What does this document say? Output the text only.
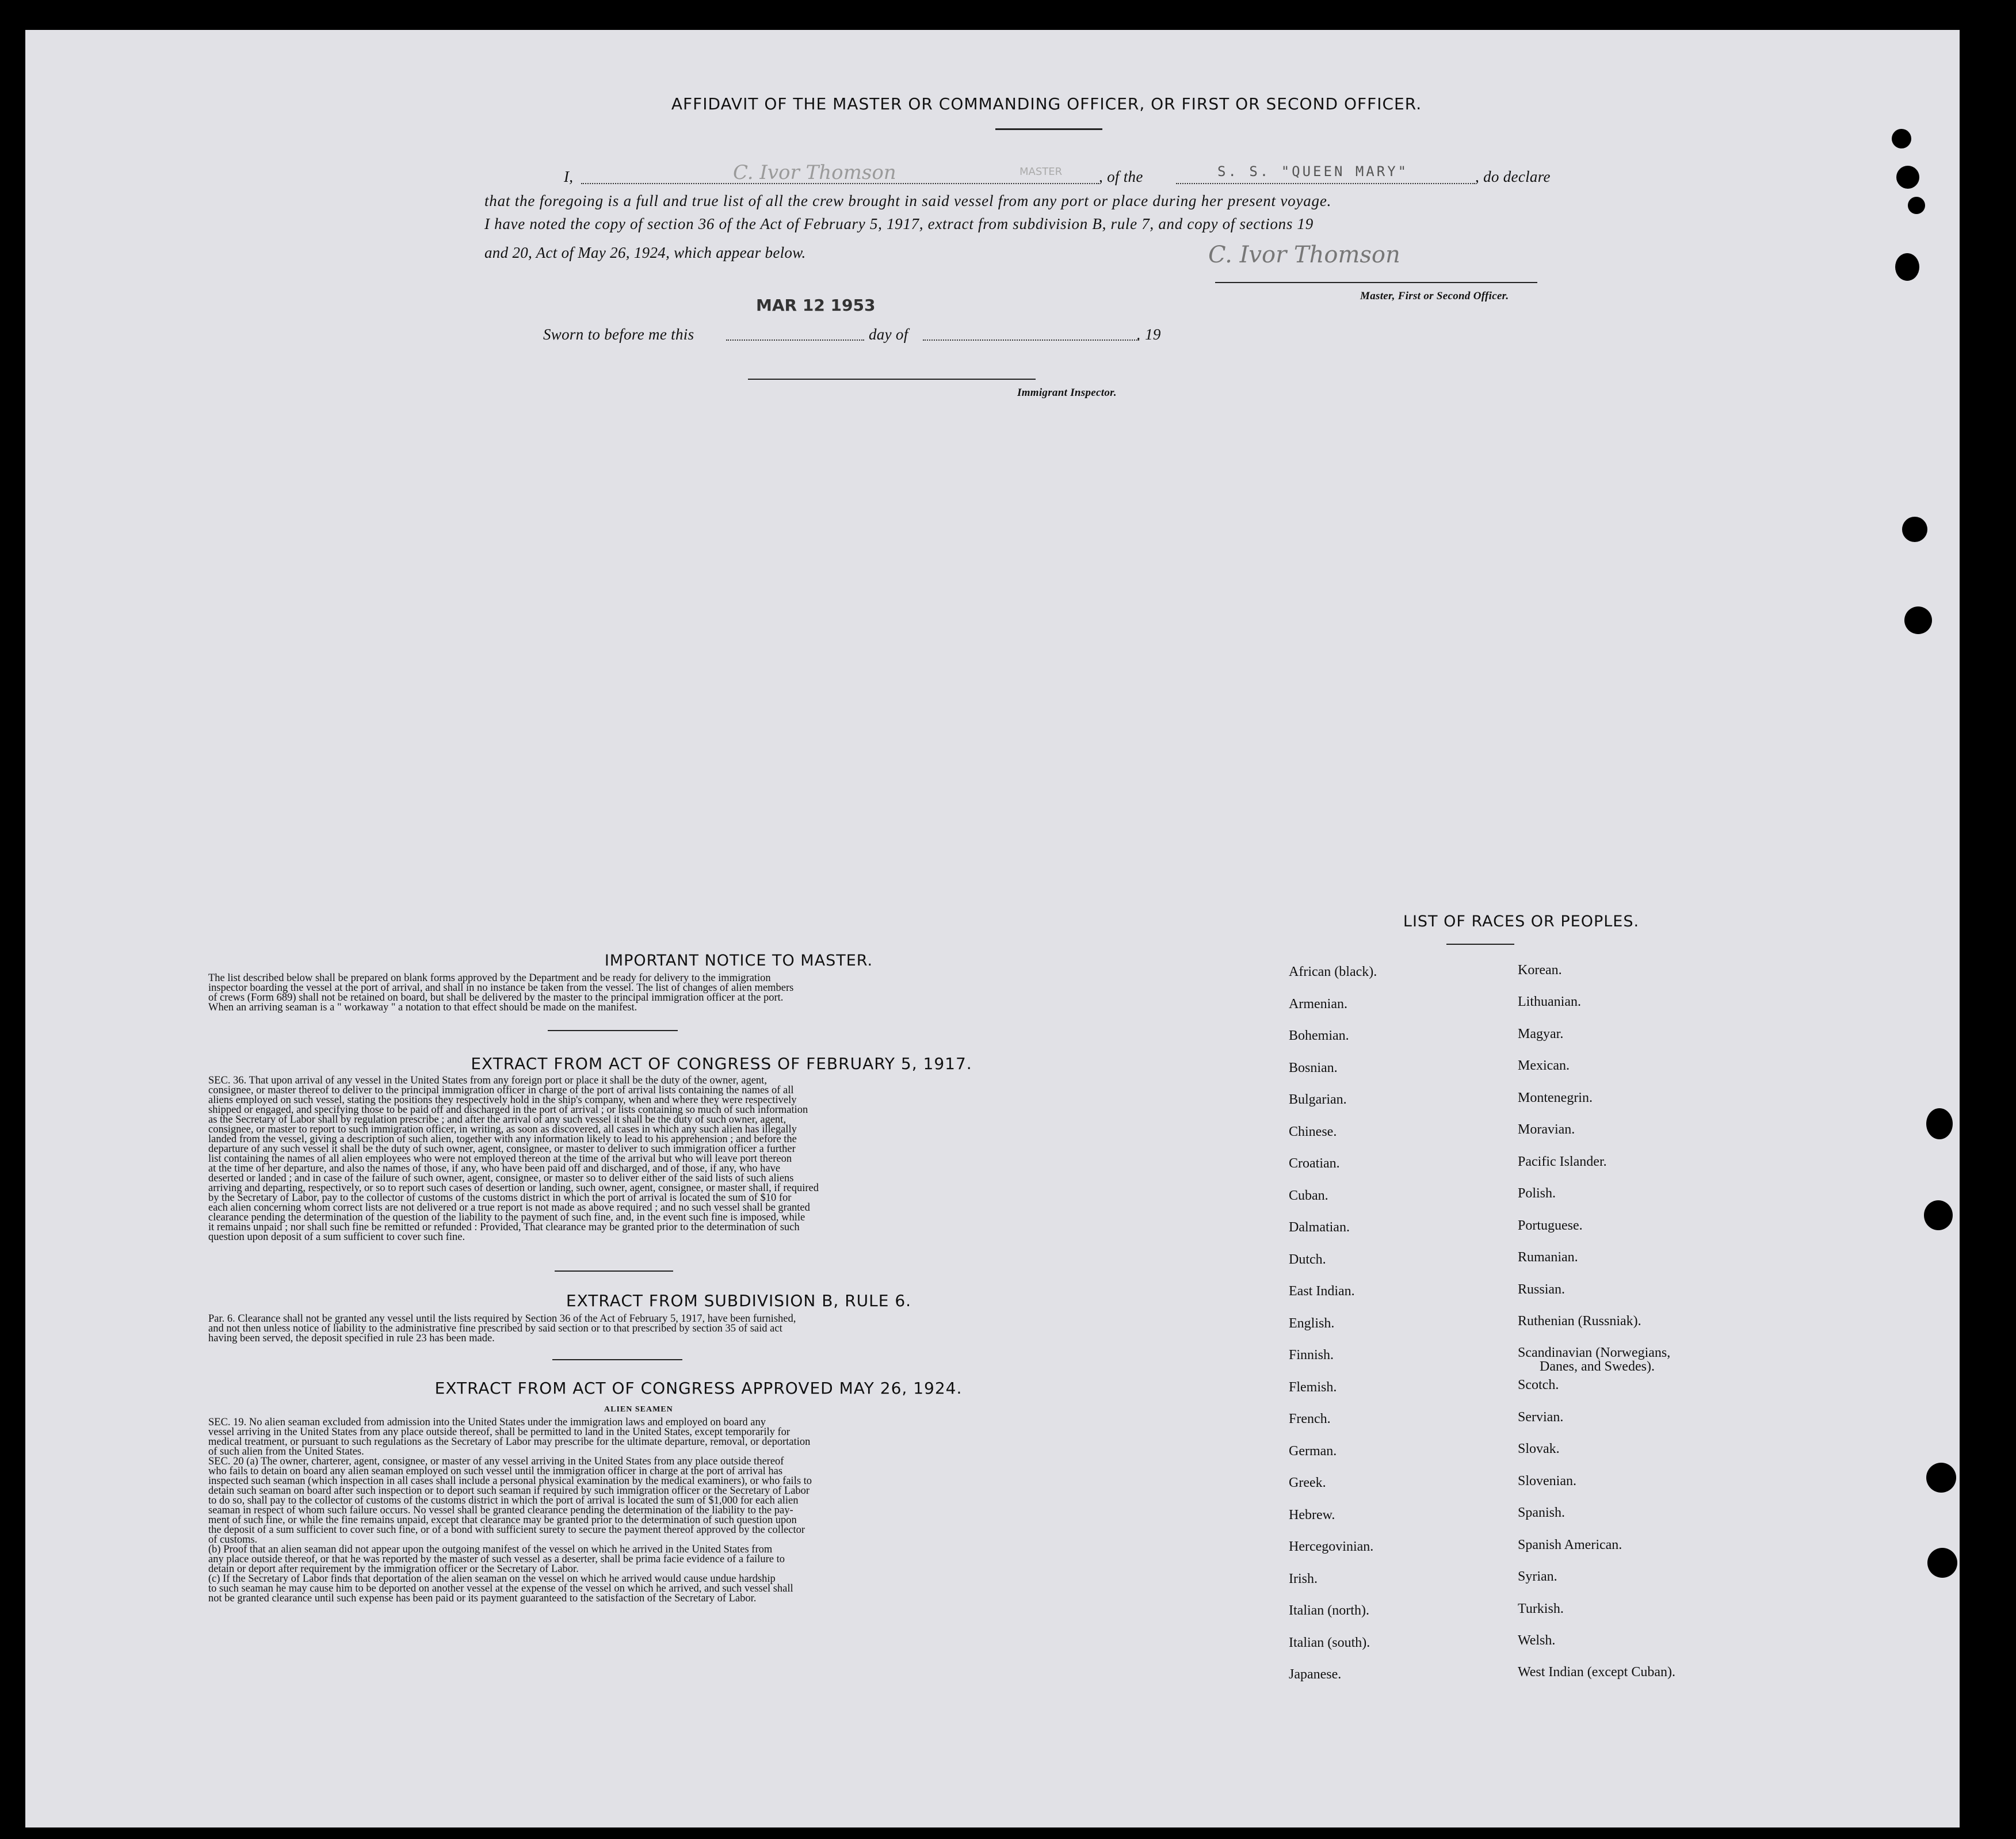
AFFIDAVIT OF THE MASTER OR COMMANDING OFFICER, OR FIRST OR SECOND OFFICER.
I,	C. Ivor Thomson	MASTER , of the	S. S. "QUEEN MARY"	, do declare
that the foregoing is a full and true list of all the crew brought in said vessel from any port or place during her present voyage.
I have noted the copy of section 36 of the Act of February 5, 1917, extract from subdivision B, rule 7, and copy of sections 19
and 20, Act of May 26, 1924, which appear below.	C. Ivor Thomson
Master, First or Second Officer.
MAR 12 1953
Sworn to before me this	day of	. 19
Immigrant Inspector.
IMPORTANT NOTICE TO MASTER.
The list described below shall be prepared on blank forms approved by the Department and be ready for delivery to the immigration
inspector boarding the vessel at the port of arrival, and shall in no instance be taken from the vessel. The list of changes of alien members
of crews (Form 689) shall not be retained on board, but shall be delivered by the master to the principal immigration officer at the port.
When an arriving seaman is a " workaway " a notation to that effect should be made on the manifest.
EXTRACT FROM ACT OF CONGRESS OF FEBRUARY 5, 1917.
SEC. 36. That upon arrival of any vessel in the United States from any foreign port or place it shall be the duty of the owner, agent,
consignee, or master thereof to deliver to the principal immigration officer in charge of the port of arrival lists containing the names of all
aliens employed on such vessel, stating the positions they respectively hold in the ship's company, when and where they were respectively
shipped or engaged, and specifying those to be paid off and discharged in the port of arrival ; or lists containing so much of such information
as the Secretary of Labor shall by regulation prescribe ; and after the arrival of any such vessel it shall be the duty of such owner, agent,
consignee, or master to report to such immigration officer, in writing, as soon as discovered, all cases in which any such alien has illegally
landed from the vessel, giving a description of such alien, together with any information likely to lead to his apprehension ; and before the
departure of any such vessel it shall be the duty of such owner, agent, consignee, or master to deliver to such immigration officer a further
list containing the names of all alien employees who were not employed thereon at the time of the arrival but who will leave port thereon
at the time of her departure, and also the names of those, if any, who have been paid off and discharged, and of those, if any, who have
deserted or landed ; and in case of the failure of such owner, agent, consignee, or master so to deliver either of the said lists of such aliens
arriving and departing, respectively, or so to report such cases of desertion or landing, such owner, agent, consignee, or master shall, if required
by the Secretary of Labor, pay to the collector of customs of the customs district in which the port of arrival is located the sum of $10 for
each alien concerning whom correct lists are not delivered or a true report is not made as above required ; and no such vessel shall be granted
clearance pending the determination of the question of the liability to the payment of such fine, and, in the event such fine is imposed, while
it remains unpaid ; nor shall such fine be remitted or refunded : Provided, That clearance may be granted prior to the determination of such
question upon deposit of a sum sufficient to cover such fine.
EXTRACT FROM SUBDIVISION B, RULE 6.
Par. 6. Clearance shall not be granted any vessel until the lists required by Section 36 of the Act of February 5, 1917, have been furnished,
and not then unless notice of liability to the administrative fine prescribed by said section or to that prescribed by section 35 of said act
having been served, the deposit specified in rule 23 has been made.
EXTRACT FROM ACT OF CONGRESS APPROVED MAY 26, 1924.
ALIEN SEAMEN
SEC. 19. No alien seaman excluded from admission into the United States under the immigration laws and employed on board any
vessel arriving in the United States from any place outside thereof, shall be permitted to land in the United States, except temporarily for
medical treatment, or pursuant to such regulations as the Secretary of Labor may prescribe for the ultimate departure, removal, or deportation
of such alien from the United States.
SEC. 20 (a) The owner, charterer, agent, consignee, or master of any vessel arriving in the United States from any place outside thereof
who fails to detain on board any alien seaman employed on such vessel until the immigration officer in charge at the port of arrival has
inspected such seaman (which inspection in all cases shall include a personal physical examination by the medical examiners), or who fails to
detain such seaman on board after such inspection or to deport such seaman if required by such immigration officer or the Secretary of Labor
to do so, shall pay to the collector of customs of the customs district in which the port of arrival is located the sum of $1,000 for each alien
seaman in respect of whom such failure occurs. No vessel shall be granted clearance pending the determination of the liability to the pay-
ment of such fine, or while the fine remains unpaid, except that clearance may be granted prior to the determination of such question upon
the deposit of a sum sufficient to cover such fine, or of a bond with sufficient surety to secure the payment thereof approved by the collector
of customs.
(b) Proof that an alien seaman did not appear upon the outgoing manifest of the vessel on which he arrived in the United States from
any place outside thereof, or that he was reported by the master of such vessel as a deserter, shall be prima facie evidence of a failure to
detain or deport after requirement by the immigration officer or the Secretary of Labor.
(c) If the Secretary of Labor finds that deportation of the alien seaman on the vessel on which he arrived would cause undue hardship
to such seaman he may cause him to be deported on another vessel at the expense of the vessel on which he arrived, and such vessel shall
not be granted clearance until such expense has been paid or its payment guaranteed to the satisfaction of the Secretary of Labor.
LIST OF RACES OR PEOPLES.
African (black).
Armenian.
Bohemian.
Bosnian.
Bulgarian.
Chinese.
Croatian.
Cuban.
Dalmatian.
Dutch.
East Indian.
English.
Finnish.
Flemish.
French.
German.
Greek.
Hebrew.
Hercegovinian.
Irish.
Italian (north).
Italian (south).
Japanese.
Korean.
Lithuanian.
Magyar.
Mexican.
Montenegrin.
Moravian.
Pacific Islander.
Polish.
Portuguese.
Rumanian.
Russian.
Ruthenian (Russniak).
Scandinavian (Norwegians,
Danes, and Swedes).
Scotch.
Servian.
Slovak.
Slovenian.
Spanish.
Spanish American.
Syrian.
Turkish.
Welsh.
West Indian (except Cuban).
